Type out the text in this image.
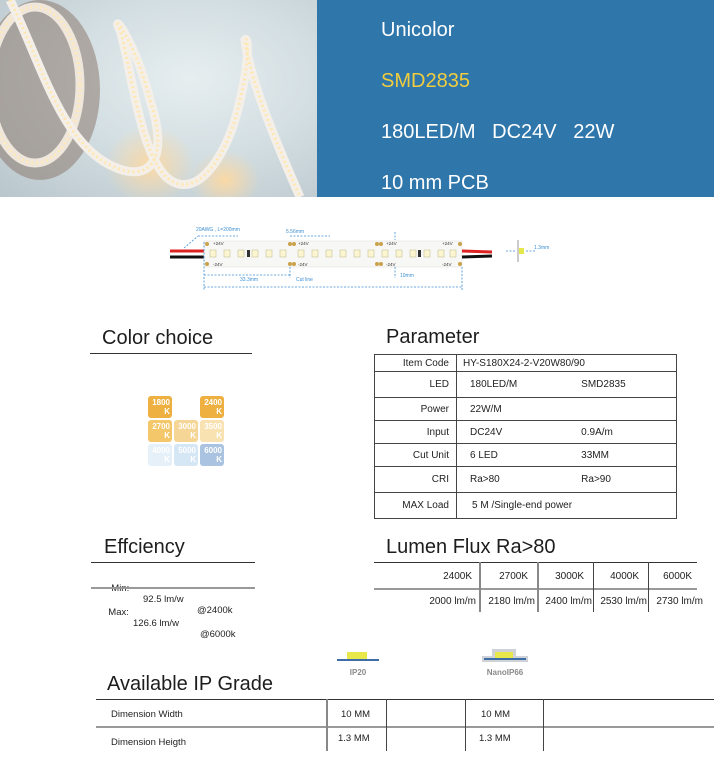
Unicolor
SMD2835
180LED/M   DC24V   22W
10 mm PCB
20AWG , L=200mm	5.56mm
33.3mm	Cut line
10mm
1.3mm
+24V
-24V
+24V
-24V
+24V
-24V
+24V
-24V
Color choice
1800
K
2400
K
2700
K
3000
K
3500
K
4000
K
5000
K
6000
K
Parameter
Item Code	HY-S180X24-2-V20W80/90	
LED	180LED/M	SMD2835
Power	22W/M	
Input	DC24V	0.9A/m
Cut Unit	6 LED	33MM
CRI	Ra>80	Ra>90
MAX Load	5 M /Single-end power	
Effciency

Min:

92.5 lm/w

@2400k

Max:

126.6 lm/w

@6000k

Lumen Flux Ra>80
2400K	2700K	3000K	4000K	6000K
2000 lm/m	2180 lm/m	2400 lm/m 2530 lm/m 2730 lm/m
IP20	NanoIP66
Available IP Grade
Dimension Width	10 MM	10 MM
Dimension Heigth	1.3 MM	1.3 MM
